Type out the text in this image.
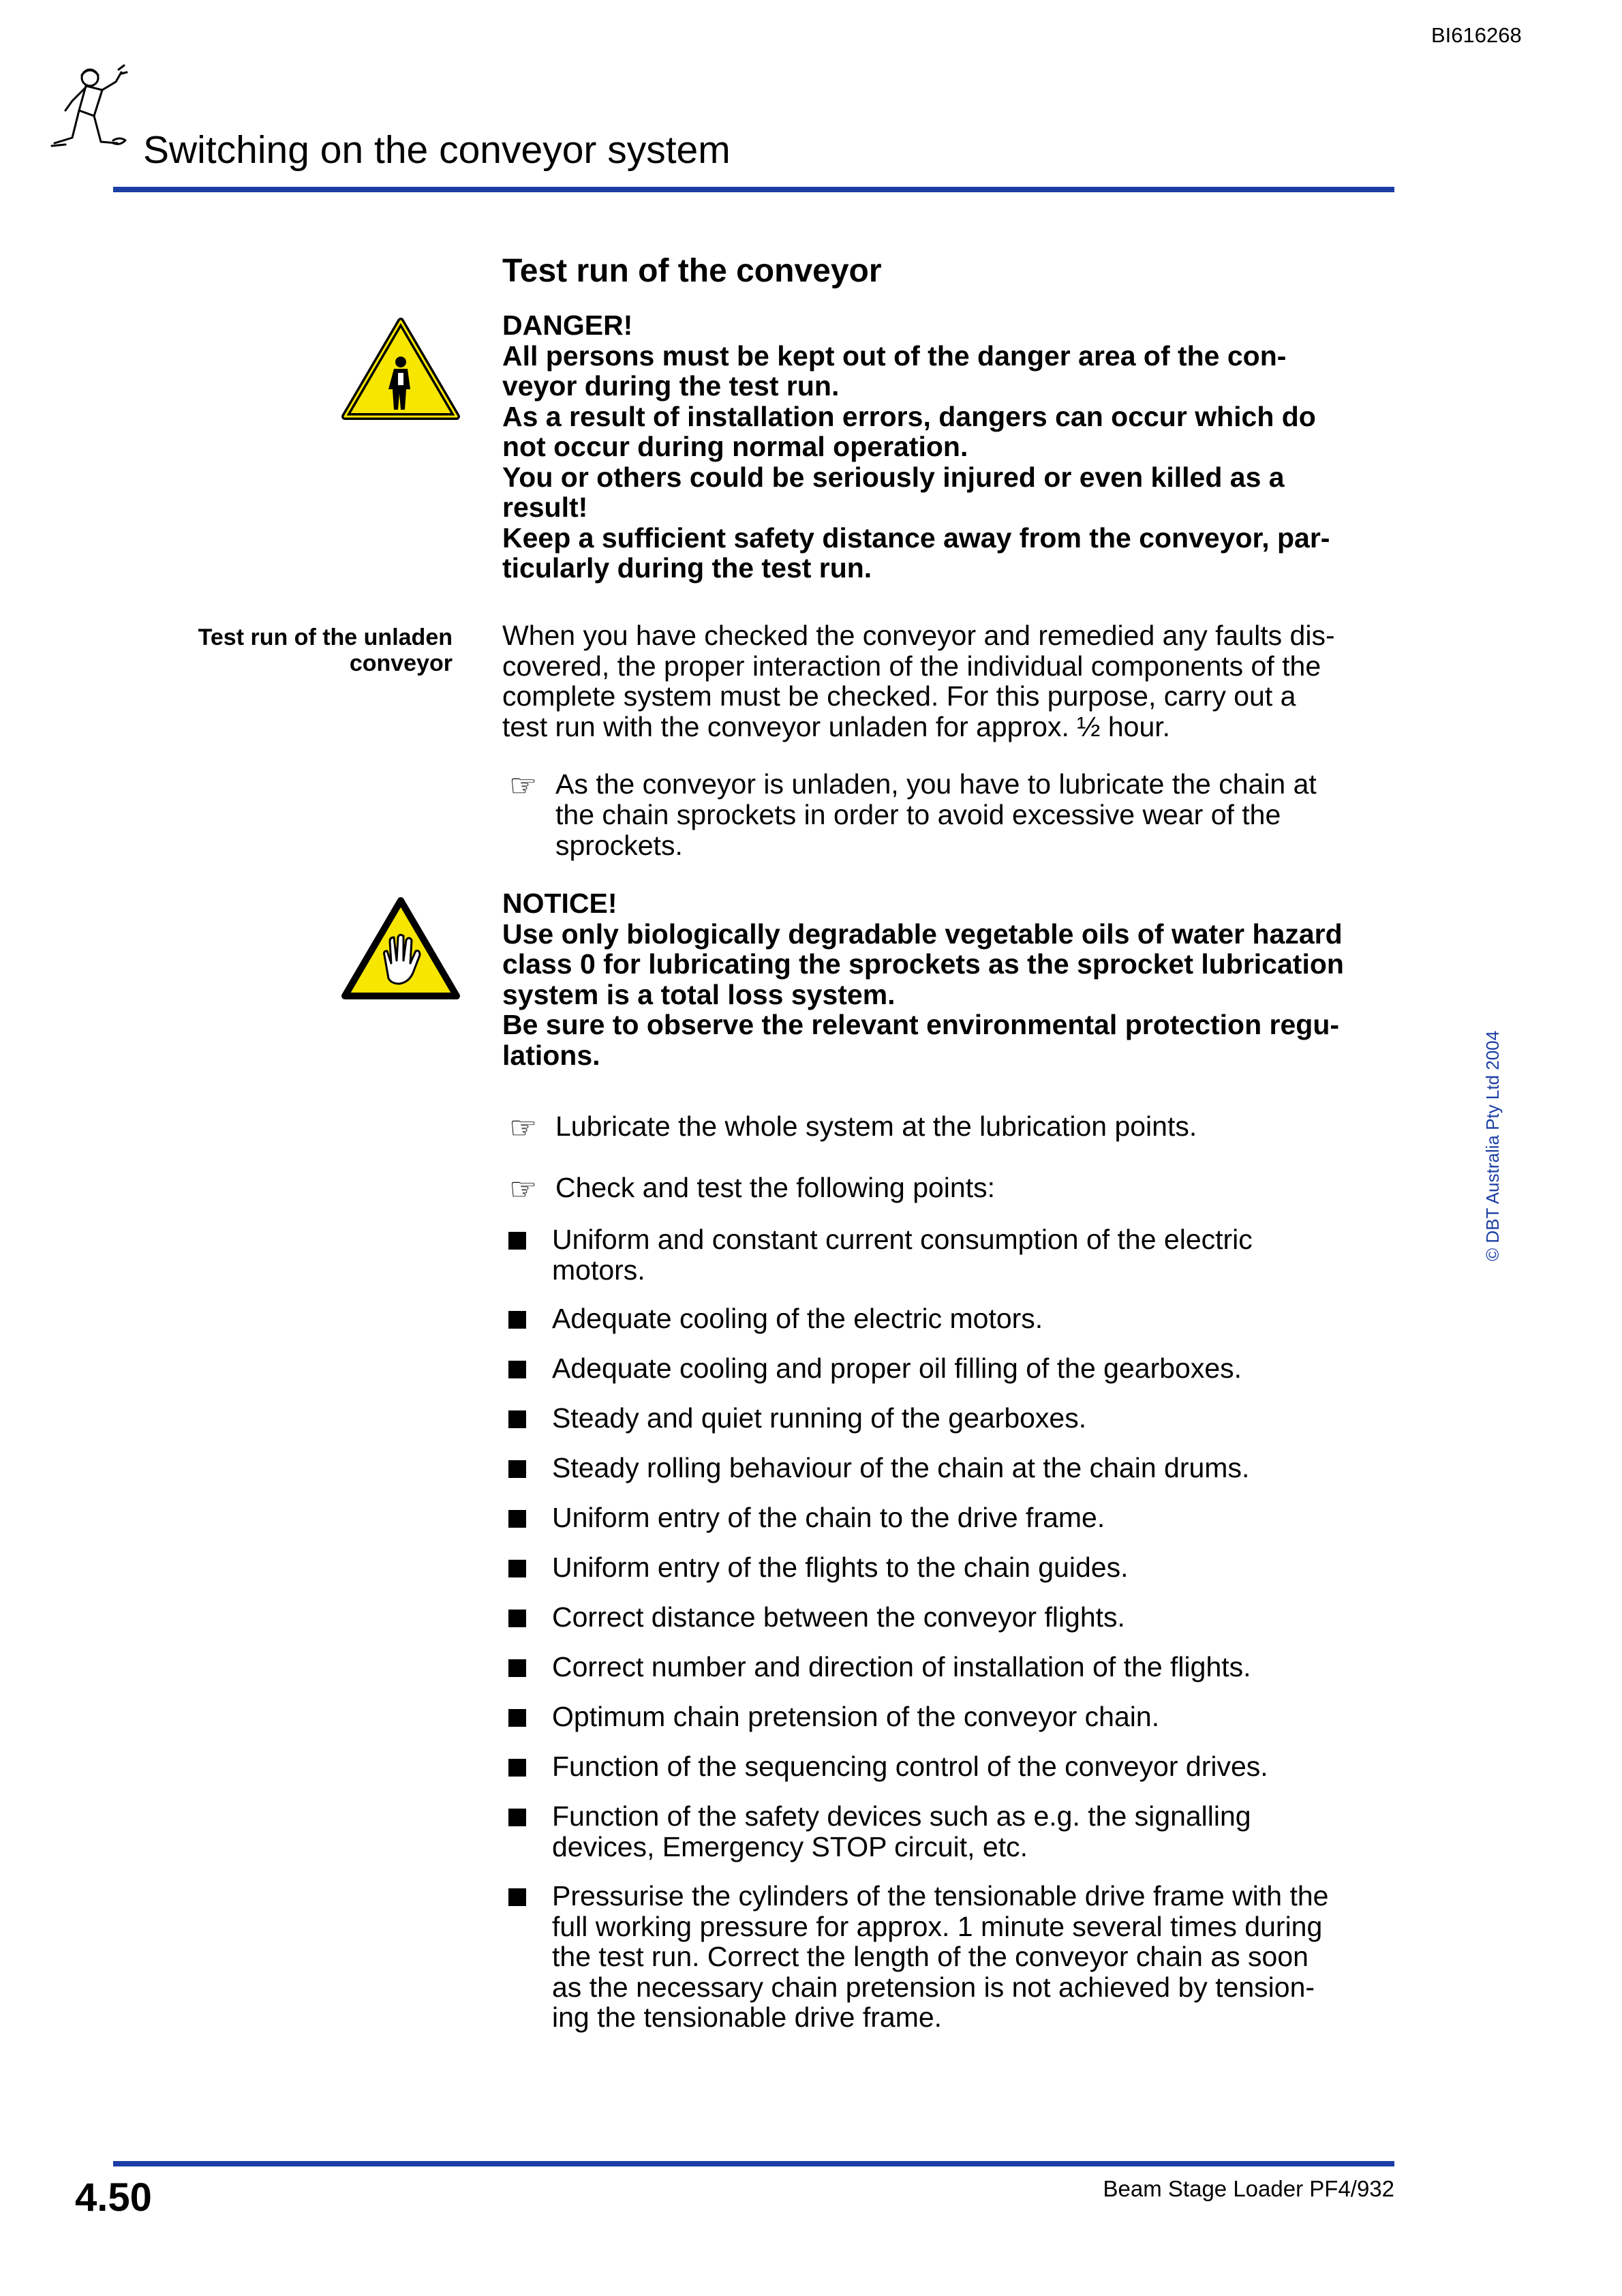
BI616268
Switching on the conveyor system
Test run of the conveyor
DANGER!
All persons must be kept out of the danger area of the con-
veyor during the test run.
As a result of installation errors, dangers can occur which do
not occur during normal operation.
You or others could be seriously injured or even killed as a
result!
Keep a sufficient safety distance away from the conveyor, par-
ticularly during the test run.
Test run of the unladen
conveyor
When you have checked the conveyor and remedied any faults dis-
covered, the proper interaction of the individual components of the
complete system must be checked. For this purpose, carry out a
test run with the conveyor unladen for approx. ½ hour.
☞ As the conveyor is unladen, you have to lubricate the chain at
the chain sprockets in order to avoid excessive wear of the
sprockets.
NOTICE!
Use only biologically degradable vegetable oils of water hazard
class 0 for lubricating the sprockets as the sprocket lubrication
system is a total loss system.
Be sure to observe the relevant environmental protection regu-
lations.
☞ Lubricate the whole system at the lubrication points.
☞ Check and test the following points:
Uniform and constant current consumption of the electric
motors.
Adequate cooling of the electric motors.
Adequate cooling and proper oil filling of the gearboxes.
Steady and quiet running of the gearboxes.
Steady rolling behaviour of the chain at the chain drums.
Uniform entry of the chain to the drive frame.
Uniform entry of the flights to the chain guides.
Correct distance between the conveyor flights.
Correct number and direction of installation of the flights.
Optimum chain pretension of the conveyor chain.
Function of the sequencing control of the conveyor drives.
Function of the safety devices such as e.g. the signalling
devices, Emergency STOP circuit, etc.
Pressurise the cylinders of the tensionable drive frame with the
full working pressure for approx. 1 minute several times during
the test run. Correct the length of the conveyor chain as soon
as the necessary chain pretension is not achieved by tension-
ing the tensionable drive frame.
© DBT Australia Pty Ltd 2004
4.50	Beam Stage Loader PF4/932
